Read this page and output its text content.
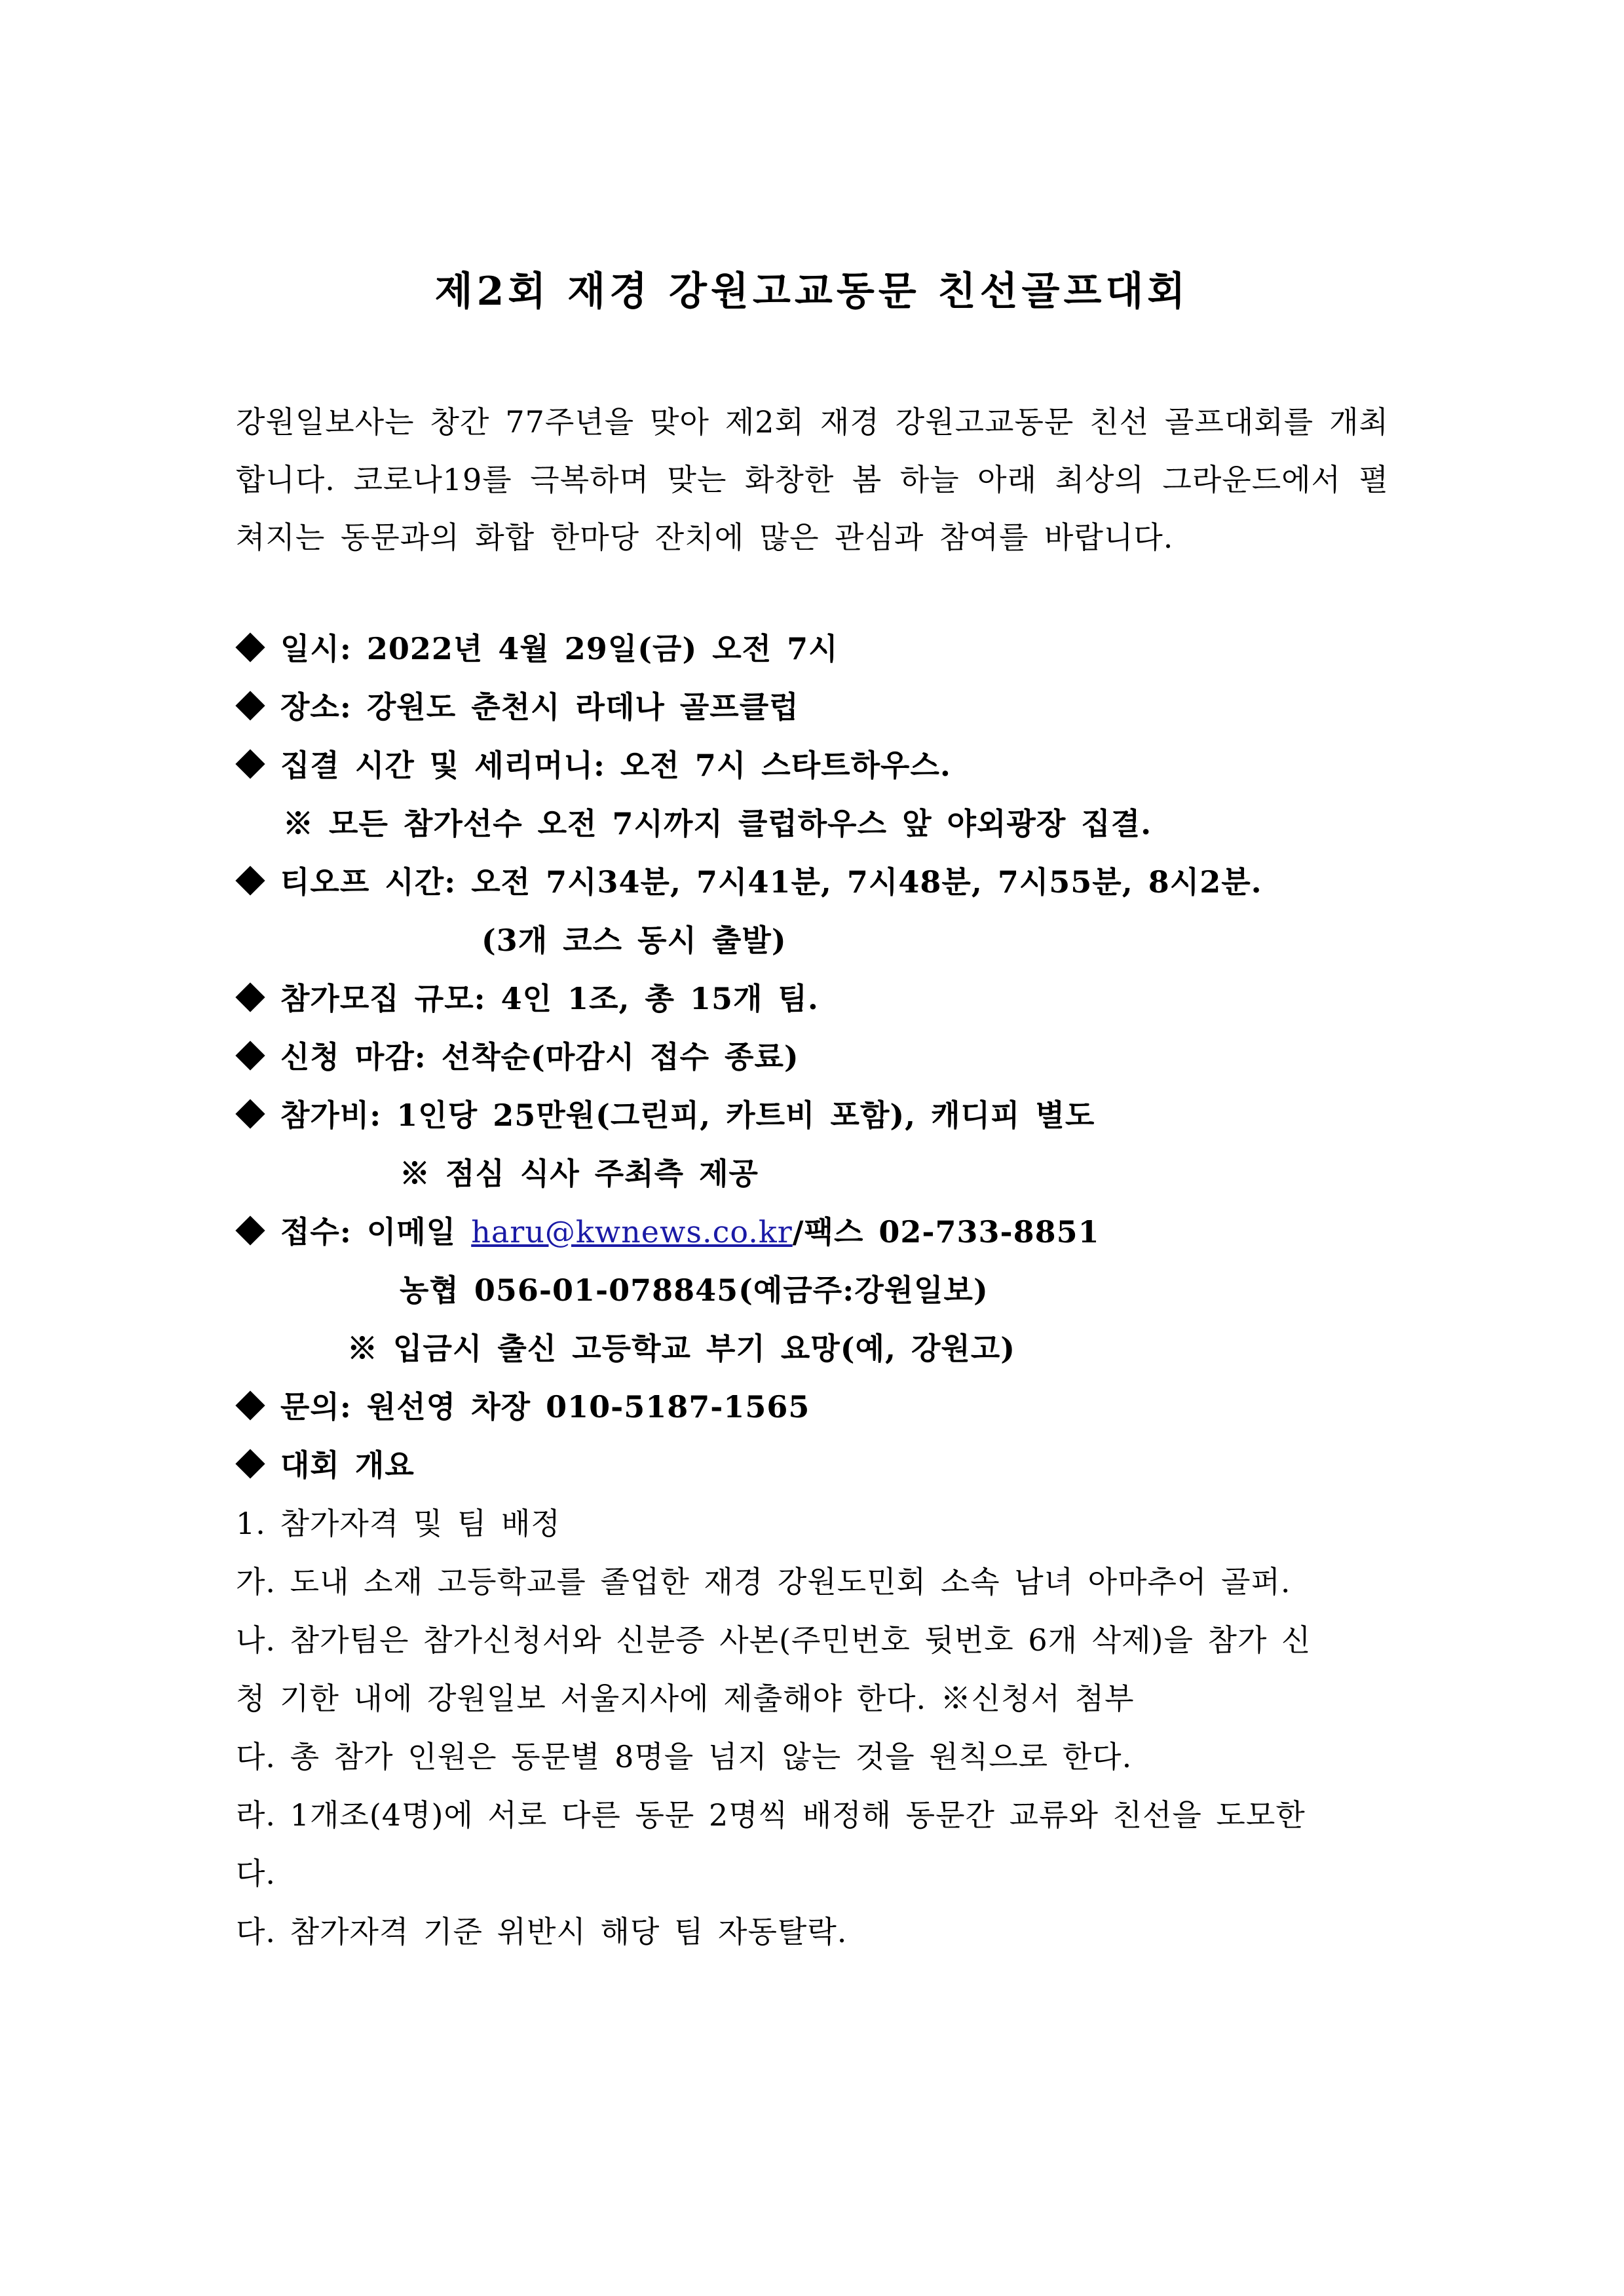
제2회 재경 강원고교동문 친선골프대회
강원일보사는 창간 77주년을 맞아 제2회 재경 강원고교동문 친선 골프대회를 개최합니다. 코로나19를 극복하며 맞는 화창한 봄 하늘 아래 최상의 그라운드에서 펼쳐지는 동문과의 화합 한마당 잔치에 많은 관심과 참여를 바랍니다.
일시: 2022년 4월 29일(금) 오전 7시
장소: 강원도 춘천시 라데나 골프클럽
집결 시간 및 세리머니: 오전 7시 스타트하우스.
※ 모든 참가선수 오전 7시까지 클럽하우스 앞 야외광장 집결.
티오프 시간: 오전 7시34분, 7시41분, 7시48분, 7시55분, 8시2분.
(3개 코스 동시 출발)
참가모집 규모: 4인 1조, 총 15개 팀.
신청 마감: 선착순(마감시 접수 종료)
참가비: 1인당 25만원(그린피, 카트비 포함), 캐디피 별도
※ 점심 식사 주최측 제공
접수: 이메일 haru@kwnews.co.kr/팩스 02-733-8851
농협 056-01-078845(예금주:강원일보)
※ 입금시 출신 고등학교 부기 요망(예, 강원고)
문의: 원선영 차장 010-5187-1565
대회 개요
1. 참가자격 및 팀 배정
가. 도내 소재 고등학교를 졸업한 재경 강원도민회 소속 남녀 아마추어 골퍼.
나. 참가팀은 참가신청서와 신분증 사본(주민번호 뒷번호 6개 삭제)을 참가 신
청 기한 내에 강원일보 서울지사에 제출해야 한다. ※신청서 첨부
다. 총 참가 인원은 동문별 8명을 넘지 않는 것을 원칙으로 한다.
라. 1개조(4명)에 서로 다른 동문 2명씩 배정해 동문간 교류와 친선을 도모한
다.
다. 참가자격 기준 위반시 해당 팀 자동탈락.
